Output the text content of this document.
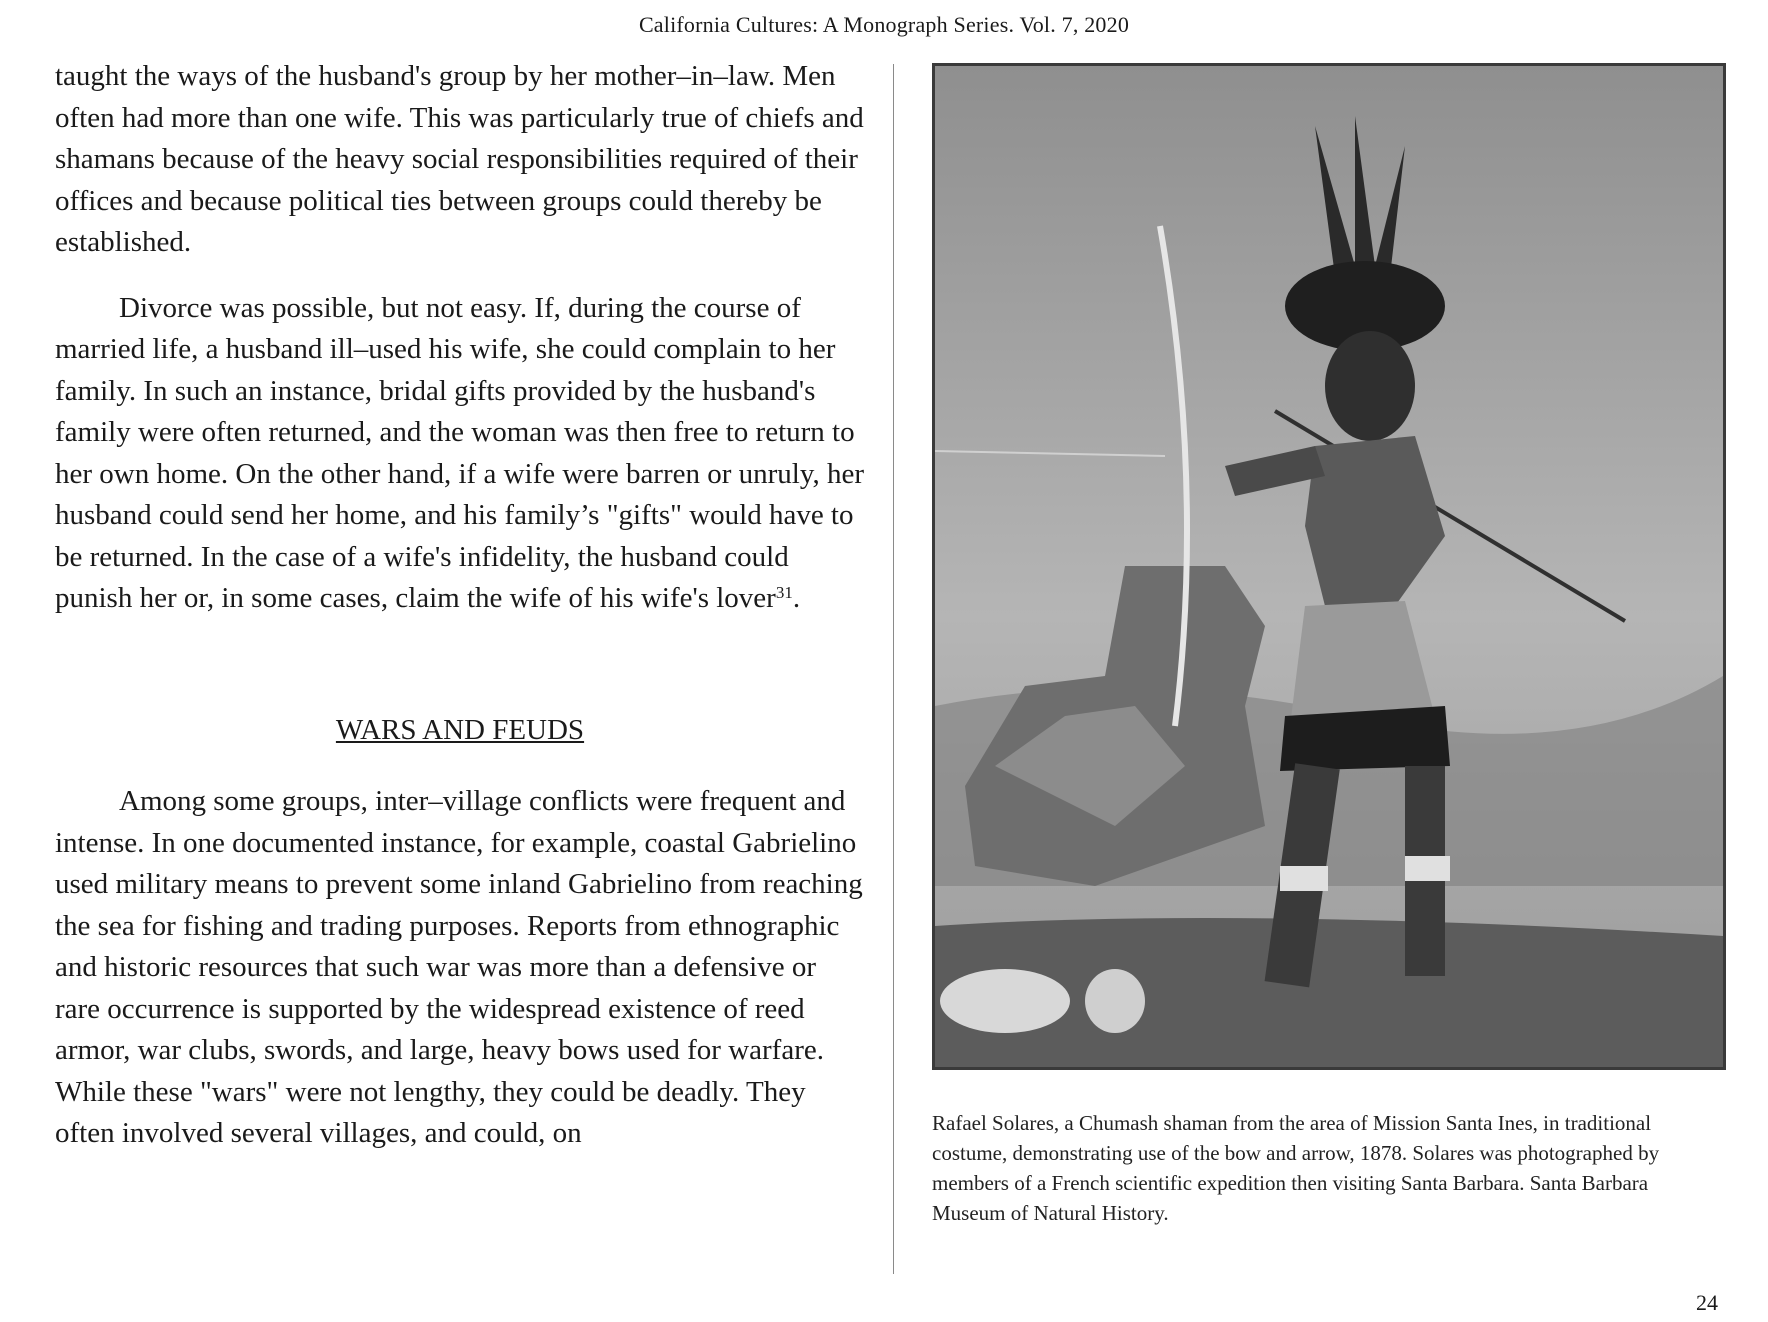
California Cultures: A Monograph Series. Vol. 7, 2020

taught the ways of the husband's group by her mother–in–law. Men often had more than one wife. This was particularly true of chiefs and shamans because of the heavy social responsibilities required of their offices and because political ties between groups could thereby be established.

Divorce was possible, but not easy. If, during the course of married life, a husband ill–used his wife, she could complain to her family. In such an instance, bridal gifts provided by the husband's family were often returned, and the woman was then free to return to her own home. On the other hand, if a wife were barren or unruly, her husband could send her home, and his family’s "gifts" would have to be returned. In the case of a wife's infidelity, the husband could punish her or, in some cases, claim the wife of his wife's lover$^{31}$.

WARS AND FEUDS

Among some groups, inter–village conflicts were frequent and intense. In one documented instance, for example, coastal Gabrielino used military means to prevent some inland Gabrielino from reaching the sea for fishing and trading purposes. Reports from ethnographic and historic resources that such war was more than a defensive or rare occurrence is supported by the widespread existence of reed armor, war clubs, swords, and large, heavy bows used for warfare. While these "wars" were not lengthy, they could be deadly. They often involved several villages, and could, on	Rafael Solares, a Chumash shaman from the area of Mission Santa Ines, in traditional costume, demonstrating use of the bow and arrow, 1878. Solares was photographed by members of a French scientific expedition then visiting Santa Barbara. Santa Barbara Museum of Natural History.
24
